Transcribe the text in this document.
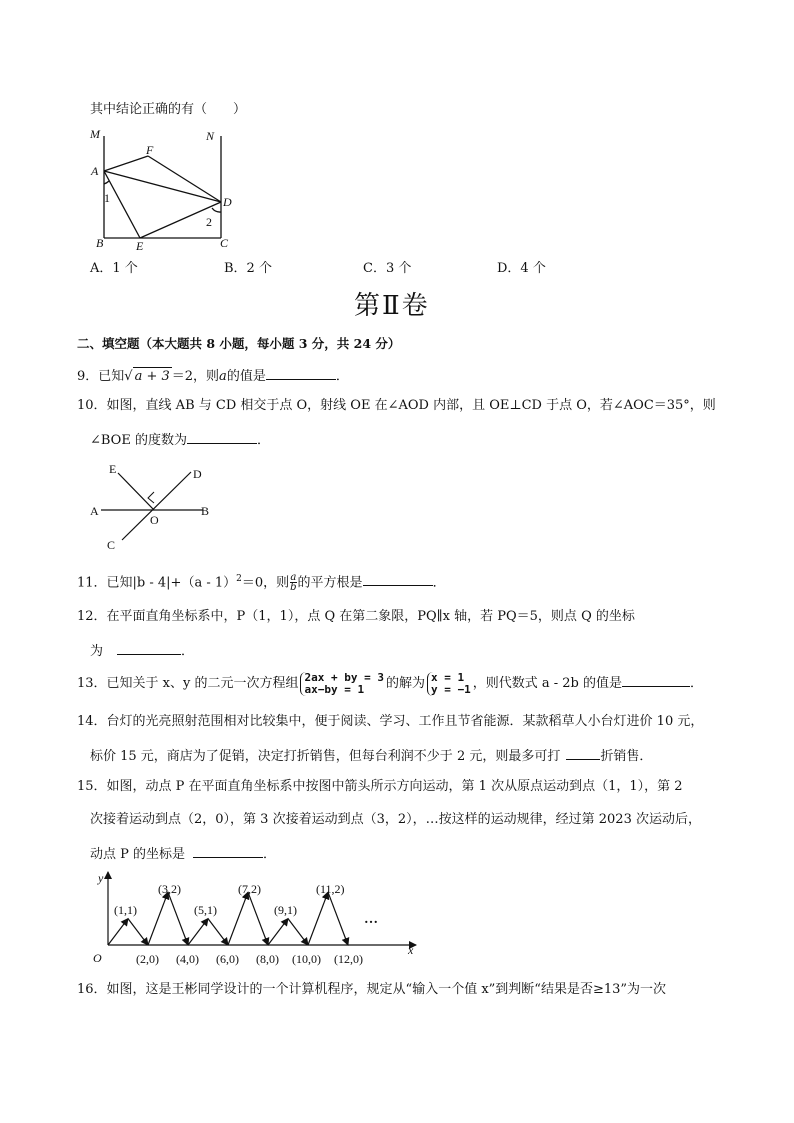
其中结论正确的有（　　）
M	N
F
A
D
2
1
B	E	C
A．1 个	B．2 个	C．3 个	D．4 个
第Ⅱ卷
二、填空题（本大题共 8 小题，每小题 3 分，共 24 分）
9．已知√ a + 3 ＝2，则a的值是	．
10．如图，直线 AB 与 CD 相交于点 O，射线 OE 在∠AOD 内部，且 OE⊥CD 于点 O，若∠AOC＝35°，则
∠BOE 的度数为	．
E	D
A
O
B
C
11．已知|b - 4|+（a - 1）$^2$＝0，则 $\frac{a}{b}$ 的平方根是	．
12．在平面直角坐标系中，P（1，1），点 Q 在第二象限，PQ∥x 轴，若 PQ＝5，则点 Q 的坐标
为	．
13．已知关于 x、y 的二元一次方程组 2ax + by = 3
ax−by = 1	的解为 x = 1
y = −1 ，则代数式 a - 2b 的值是	．
14．台灯的光亮照射范围相对比较集中，便于阅读、学习、工作且节省能源．某款稻草人小台灯进价 10 元，
标价 15 元，商店为了促销，决定打折销售，但每台利润不少于 2 元，则最多可打	折销售．
15．如图，动点 P 在平面直角坐标系中按图中箭头所示方向运动，第 1 次从原点运动到点（1，1），第 2
次接着运动到点（2，0），第 3 次接着运动到点（3，2），…按这样的运动规律，经过第 2023 次运动后，
动点 P 的坐标是	．
y
x
O
…
(1,1)
(3,2)
(5,1)
(7,2)
(9,1)
(11,2)
(2,0) (4,0) (6,0) (8,0) (10,0) (12,0)
16．如图，这是王彬同学设计的一个计算机程序，规定从“输入一个值 x”到判断“结果是否≥13”为一次
